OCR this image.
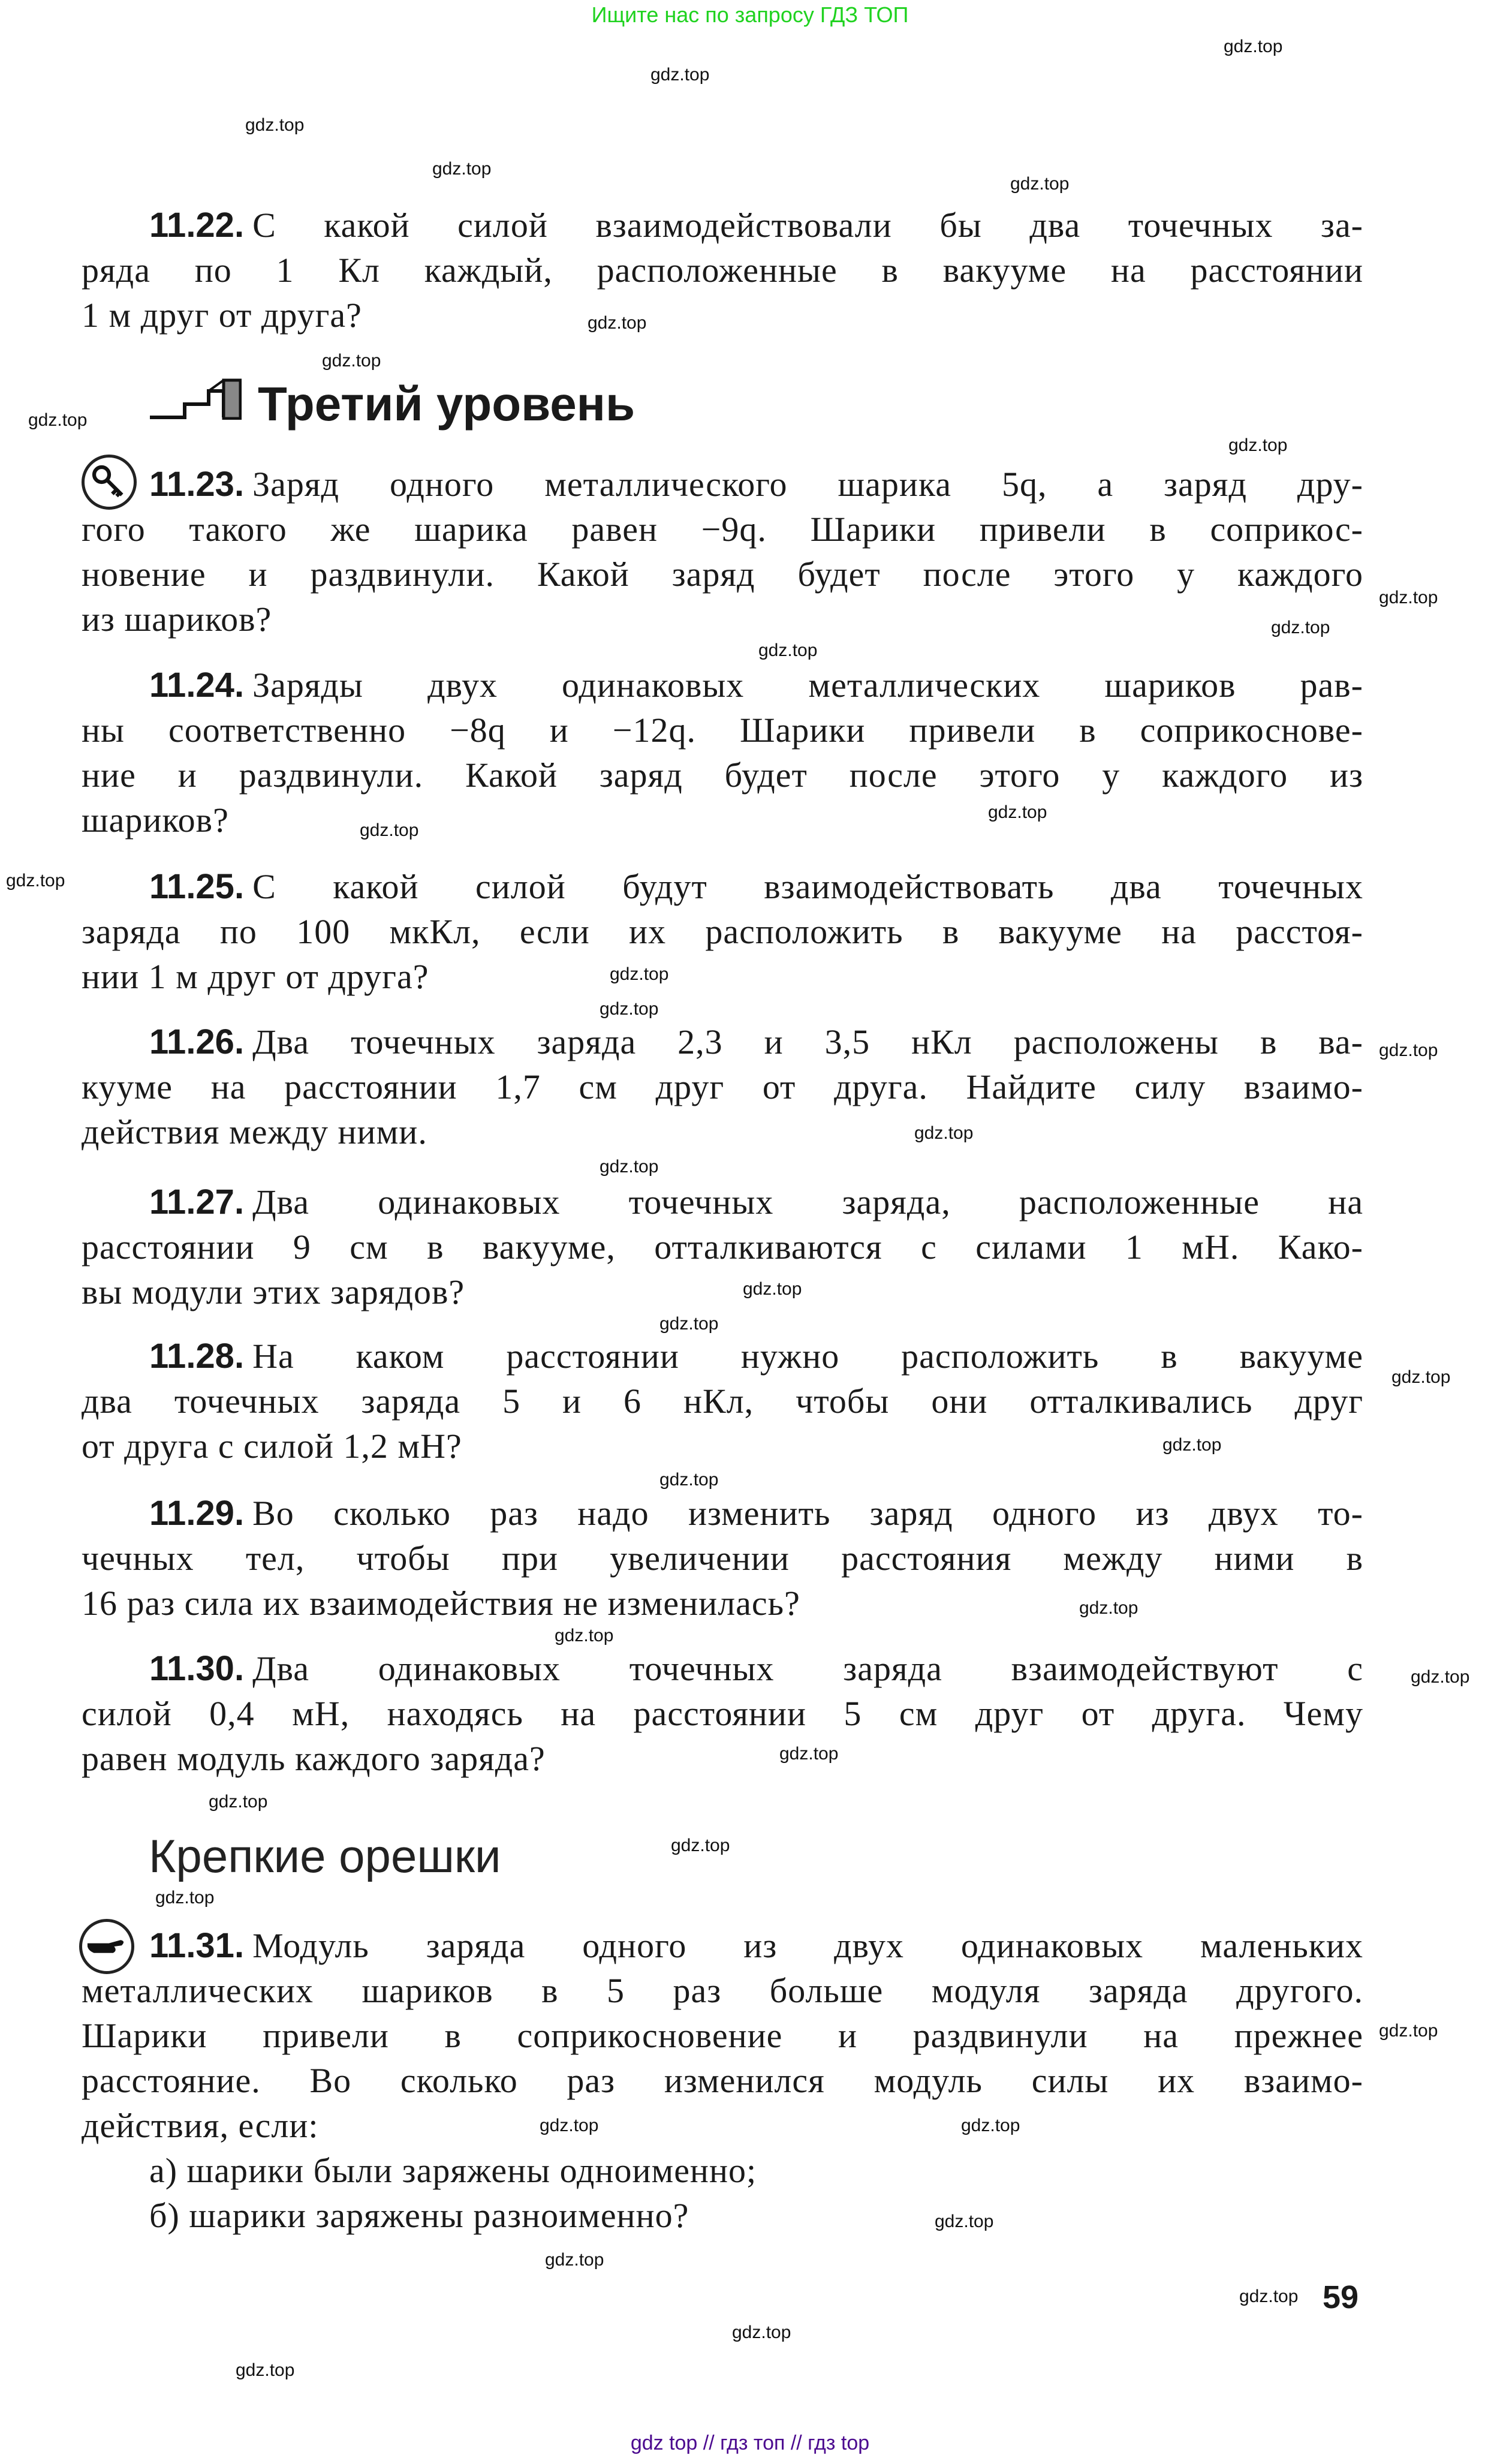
Ищите нас по запросу ГДЗ ТОП
Третий уровень
Крепкие орешки
11.22. С какой силой взаимодействовали бы два точечных за-
ряда по 1 Кл каждый, расположенные в вакууме на расстоянии
1 м друг от друга?
11.23. Заряд одного металлического шарика 5q, а заряд дру-
гого такого же шарика равен −9q. Шарики привели в соприкос-
новение и раздвинули. Какой заряд будет после этого у каждого
из шариков?
11.24. Заряды двух одинаковых металлических шариков рав-
ны соответственно −8q и −12q. Шарики привели в соприкоснове-
ние и раздвинули. Какой заряд будет после этого у каждого из
шариков?
11.25. С какой силой будут взаимодействовать два точечных
заряда по 100 мкКл, если их расположить в вакууме на расстоя-
нии 1 м друг от друга?
11.26. Два точечных заряда 2,3 и 3,5 нКл расположены в ва-
кууме на расстоянии 1,7 см друг от друга. Найдите силу взаимо-
действия между ними.
11.27. Два одинаковых точечных заряда, расположенные на
расстоянии 9 см в вакууме, отталкиваются с силами 1 мН. Како-
вы модули этих зарядов?
11.28. На каком расстоянии нужно расположить в вакууме
два точечных заряда 5 и 6 нКл, чтобы они отталкивались друг
от друга с силой 1,2 мН?
11.29. Во сколько раз надо изменить заряд одного из двух то-
чечных тел, чтобы при увеличении расстояния между ними в
16 раз сила их взаимодействия не изменилась?
11.30. Два одинаковых точечных заряда взаимодействуют с
силой 0,4 мН, находясь на расстоянии 5 см друг от друга. Чему
равен модуль каждого заряда?
11.31. Модуль заряда одного из двух одинаковых маленьких
металлических шариков в 5 раз больше модуля заряда другого.
Шарики привели в соприкосновение и раздвинули на прежнее
расстояние. Во сколько раз изменился модуль силы их взаимо-
действия, если:
а) шарики были заряжены одноименно;
б) шарики заряжены разноименно?
59
gdz.top
gdz.top
gdz.top
gdz.top
gdz.top
gdz.top
gdz.top
gdz.top
gdz.top
gdz.top
gdz.top
gdz.top
gdz.top
gdz.top
gdz.top
gdz.top
gdz.top
gdz.top
gdz.top
gdz.top
gdz.top
gdz.top
gdz.top
gdz.top
gdz.top
gdz.top
gdz.top
gdz.top
gdz.top
gdz.top
gdz.top
gdz.top
gdz.top
gdz.top
gdz.top
gdz.top
gdz.top
gdz.top
gdz.top
gdz.top
gdz top // гдз топ // гдз top
